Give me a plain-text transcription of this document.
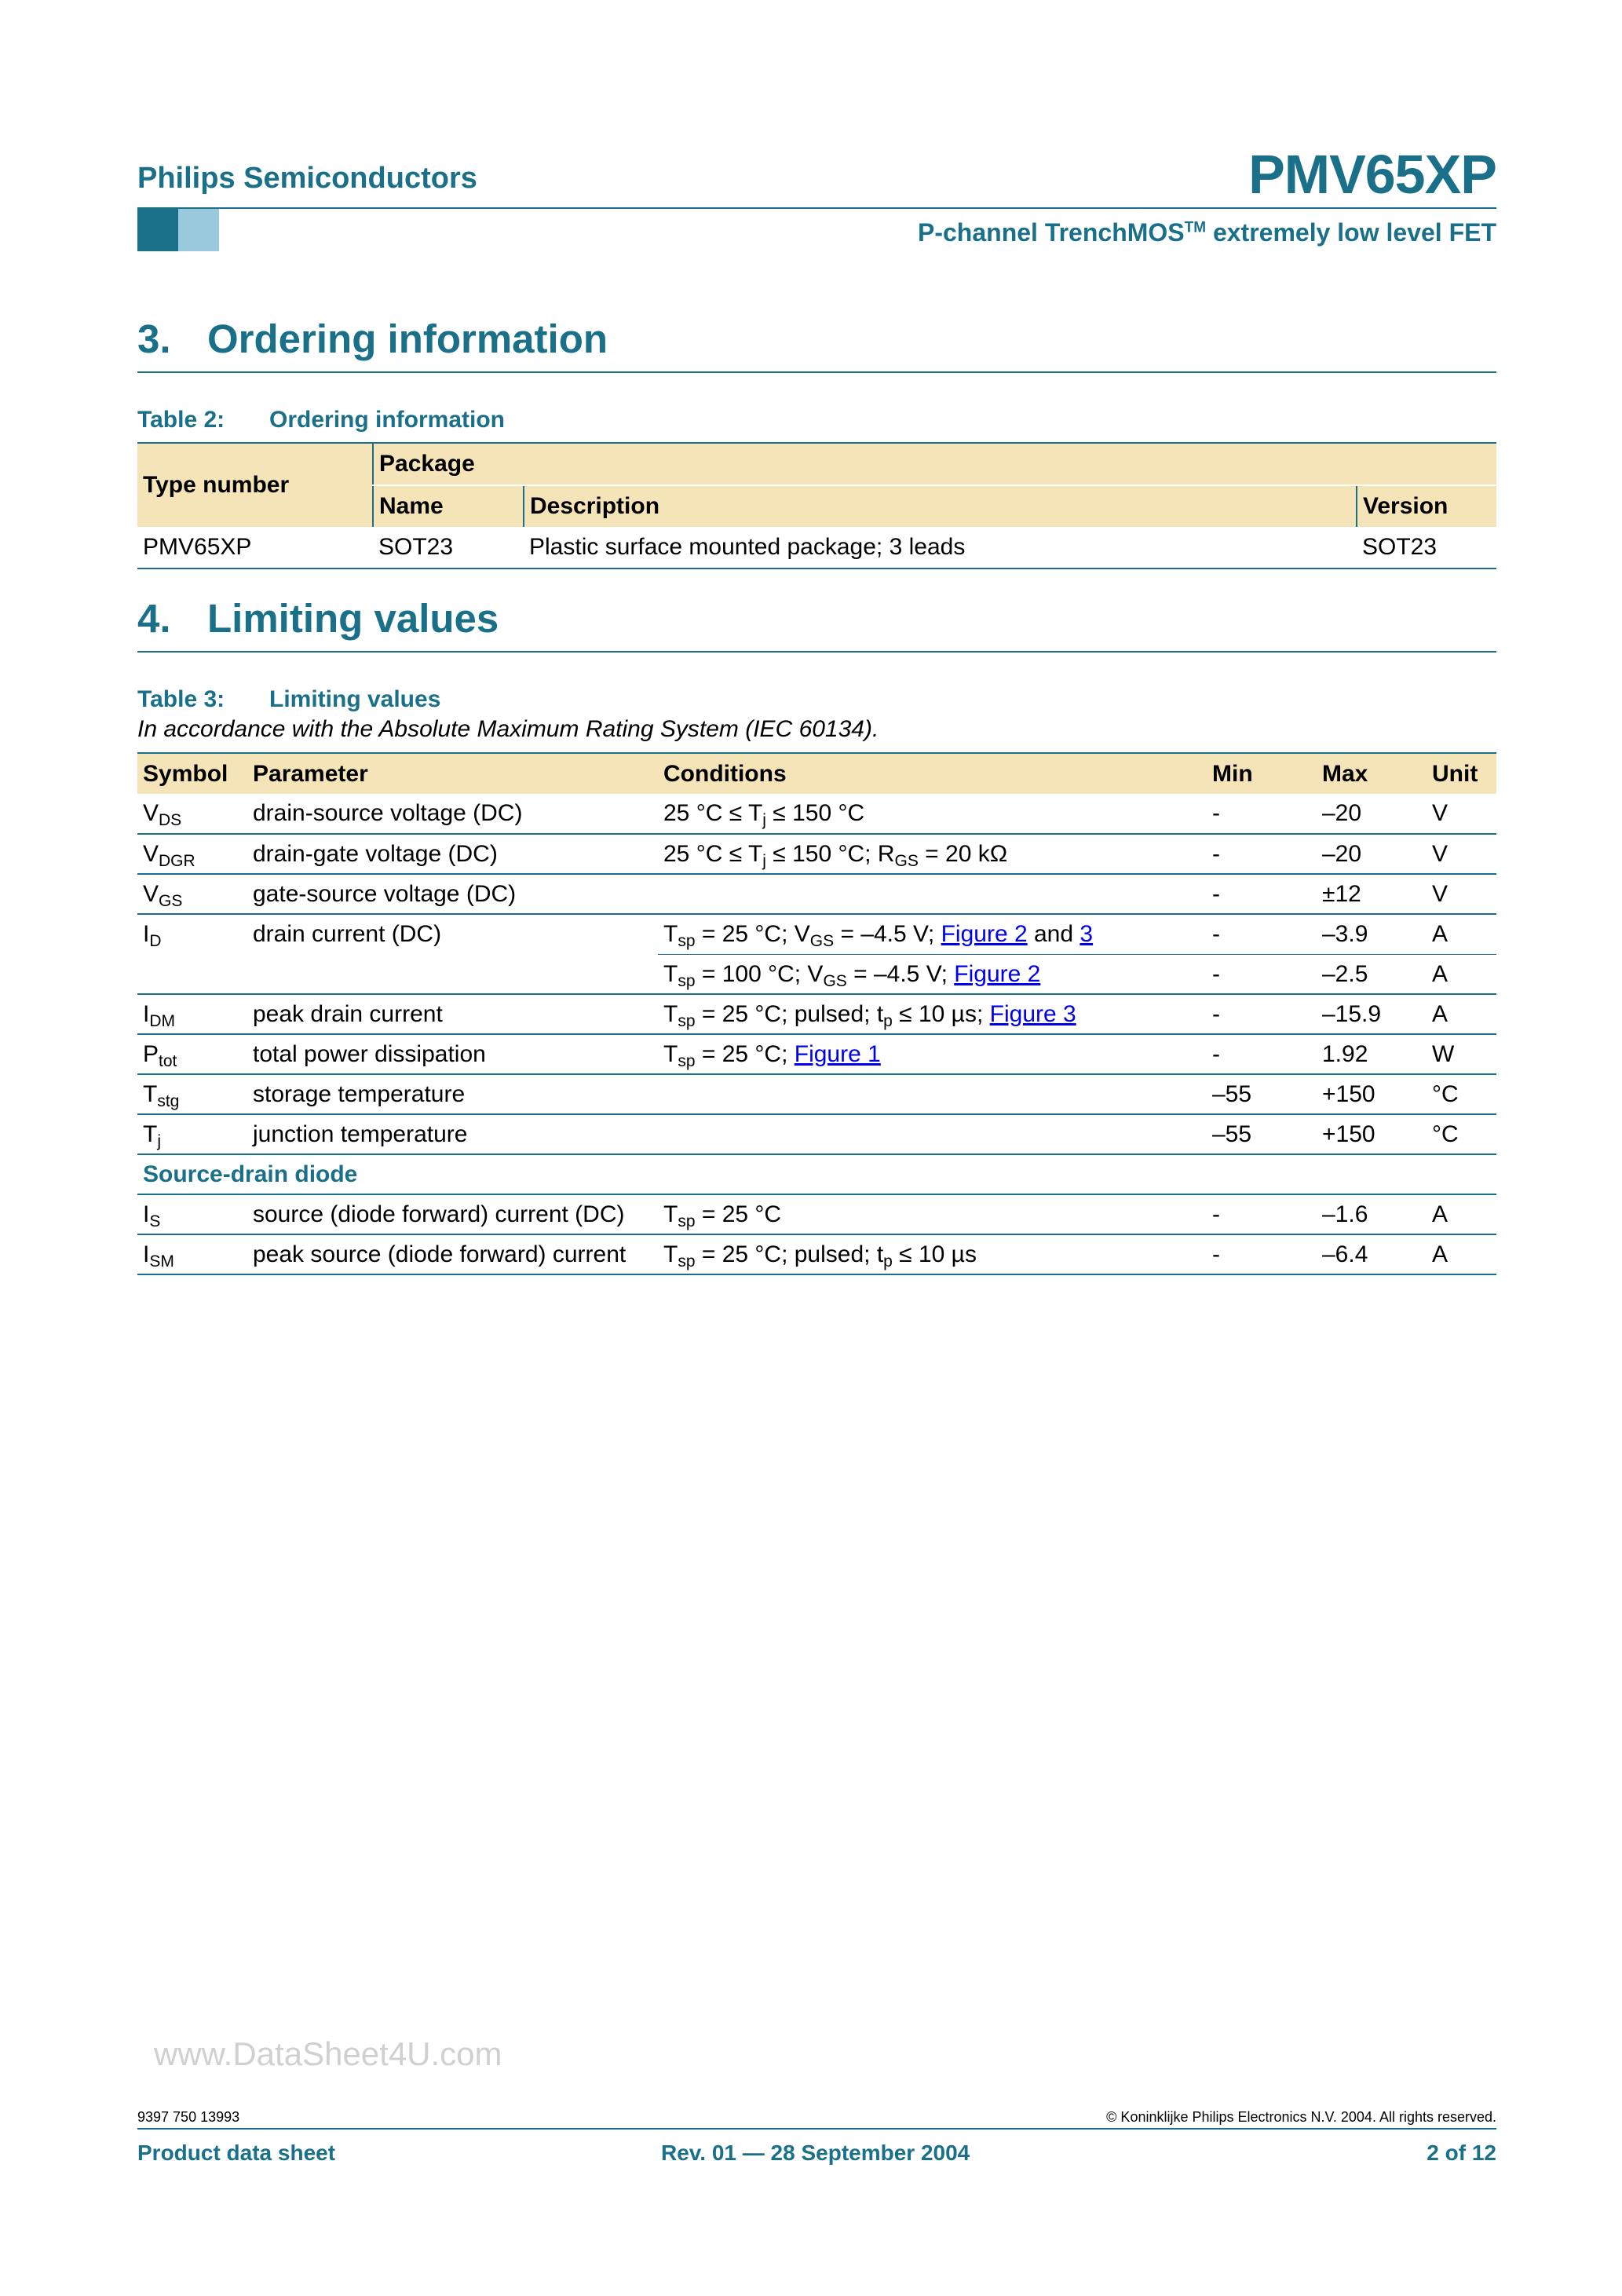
Philips Semiconductors	PMV65XP
P-channel TrenchMOS™ extremely low level FET
3. Ordering information
Table 2: Ordering information
Type number	Package		
	Name	Description	Version
PMV65XP	SOT23	Plastic surface mounted package; 3 leads	SOT23
4. Limiting values
Table 3: Limiting values
In accordance with the Absolute Maximum Rating System (IEC 60134).
Symbol	Parameter	Conditions	Min	Max	Unit
$V_{DS}$	drain-source voltage (DC)	25 $^\circ C \le T_j \le 150$ °C	-	–20	V
$V_{DGR}$	drain-gate voltage (DC)	25 $^\circ C \le T_j \le 150$ °C; $R_{GS} = 20$ kΩ	-	–20	V
$V_{GS}$	gate-source voltage (DC)		-	±12	V
$I_D$	drain current (DC)	$T_{sp} = 25$ °C; $V_{GS} = -4.5$ V; Figure 2 and 3	-	–3.9	A
		$T_{sp} = 100$ °C; $V_{GS} = -4.5$ V; Figure 2	-	–2.5	A
$I_{DM}$	peak drain current	$T_{sp} = 25$ °C; pulsed; $t_p \le 10$ µs; Figure 3	-	–15.9	A
$P_{tot}$	total power dissipation	$T_{sp} = 25$ °C; Figure 1	-	1.92	W
$T_{stg}$	storage temperature		–55	+150	°C
$T_j$	junction temperature		–55	+150	°C
Source-drain diode					
$I_S$	source (diode forward) current (DC)	$T_{sp} = 25$ °C	-	–1.6	A
$I_{SM}$	peak source (diode forward) current	$T_{sp} = 25$ °C; pulsed; $t_p \le 10$ µs	-	–6.4	A
www.DataSheet4U.com
9397 750 13993	© Koninklijke Philips Electronics N.V. 2004. All rights reserved.
Product data sheet	Rev. 01 — 28 September 2004	2 of 12
